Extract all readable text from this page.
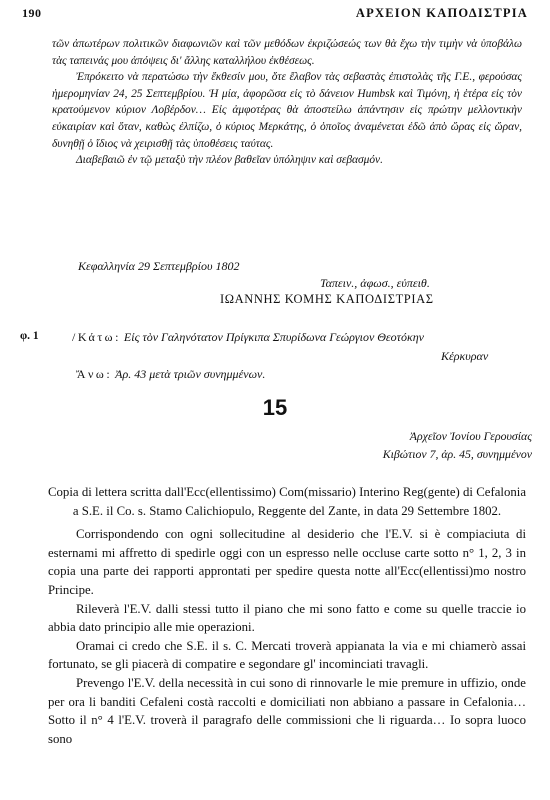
190	ΑΡΧΕΙΟΝ ΚΑΠΟΔΙΣΤΡΙΑ

τῶν ἀπωτέρων πολιτικῶν διαφωνιῶν καὶ τῶν μεθόδων ἐκριζώσεώς των θὰ ἔχω τὴν τιμὴν νὰ ὑποβάλω τὰς ταπεινάς μου ἀπόψεις δι' ἄλλης καταλλήλου ἐκθέσεως.

Ἐπρόκειτο νὰ περατώσω τὴν ἔκθεσίν μου, ὅτε ἔλαβον τὰς σεβαστὰς ἐπιστολὰς τῆς Γ.Ε., φερούσας ἡμερομηνίαν 24, 25 Σεπτεμβρίου. Ἡ μία, ἀφορῶσα εἰς τὸ δάνειον Humbsk καὶ Τιμόνη, ἡ ἑτέρα εἰς τὸν κρατούμενον κύριον Λοβέρδον… Εἰς ἀμφοτέρας θὰ ἀποστείλω ἀπάντησιν εἰς πρώτην μελλοντικὴν εὐκαιρίαν καὶ ὅταν, καθὼς ἐλπίζω, ὁ κύριος Μερκάτης, ὁ ὁποῖος ἀναμένεται ἐδῶ ἀπὸ ὥρας εἰς ὥραν, δυνηθῇ ὁ ἴδιος νὰ χειρισθῇ τὰς ὑποθέσεις ταύτας.

Διαβεβαιῶ ἐν τῷ μεταξὺ τὴν πλέον βαθεῖαν ὑπόληψιν καὶ σεβασμόν.

Κεφαλληνία 29 Σεπτεμβρίου 1802
Ταπειν., ἀφωσ., εὐπειθ.
ΙΩΑΝΝΗΣ ΚΟΜΗΣ ΚΑΠΟΔΙΣΤΡΙΑΣ
φ. 1	/Κάτω: Εἰς τὸν Γαληνότατον Πρίγκιπα Σπυρίδωνα Γεώργιον Θεοτόκην
Κέρκυραν
Ἄνω: Ἀρ. 43 μετὰ τριῶν συνημμένων.
15
Ἀρχεῖον Ἰονίου Γερουσίας
Κιβώτιον 7, ἀρ. 45, συνημμένον

Copia di lettera scritta dall'Ecc(ellentissimo) Com(missario) Interino Reg(gente) di Cefalonia a S.E. il Co. s. Stamo Calichiopulo, Reggente del Zante, in data 29 Settembre 1802.

Corrispondendo con ogni sollecitudine al desiderio che l'E.V. si è compiaciuta di esternami mi affretto di spedirle oggi con un espresso nelle occluse carte sotto n° 1, 2, 3 in copia una parte dei rapporti approntati per spedire questa notte all'Ecc(ellentissi)mo nostro Principe.

Rileverà l'E.V. dalli stessi tutto il piano che mi sono fatto e come su quelle traccie io abbia dato principio alle mie operazioni.

Oramai ci credo che S.E. il s. C. Mercati troverà appianata la via e mi chiamerò assai fortunato, se gli piacerà di compatire e segondare gl' incominciati travagli.

Prevengo l'E.V. della necessità in cui sono di rinnovarle le mie premure in uffizio, onde per ora li banditi Cefaleni costà raccolti e domiciliati non abbiano a passare in Cefalonia… Sotto il n° 4 l'E.V. troverà il paragrafo delle commissioni che li riguarda… Io sopra luoco sono
